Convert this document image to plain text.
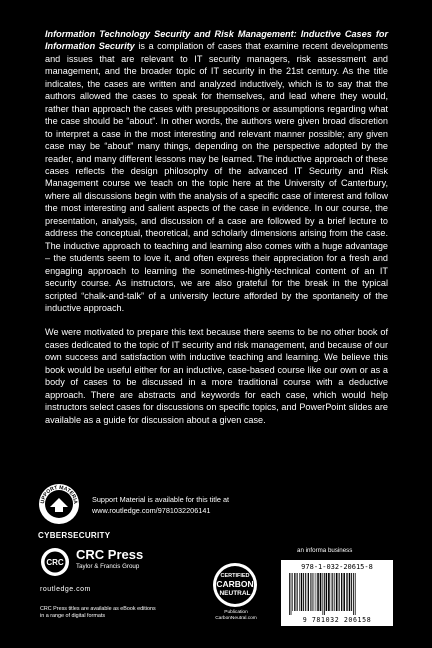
Information Technology Security and Risk Management: Inductive Cases for Information Security is a compilation of cases that examine recent developments and issues that are relevant to IT security managers, risk assessment and management, and the broader topic of IT security in the 21st century. As the title indicates, the cases are written and analyzed inductively, which is to say that the authors allowed the cases to speak for themselves, and lead where they would, rather than approach the cases with presuppositions or assumptions regarding what the case should be “about”. In other words, the authors were given broad discretion to interpret a case in the most interesting and relevant manner possible; any given case may be “about” many things, depending on the perspective adopted by the reader, and many different lessons may be learned. The inductive approach of these cases reflects the design philosophy of the advanced IT Security and Risk Management course we teach on the topic here at the University of Canterbury, where all discussions begin with the analysis of a specific case of interest and follow the most interesting and salient aspects of the case in evidence. In our course, the presentation, analysis, and discussion of a case are followed by a brief lecture to address the conceptual, theoretical, and scholarly dimensions arising from the case. The inductive approach to teaching and learning also comes with a huge advantage – the students seem to love it, and often express their appreciation for a fresh and engaging approach to learning the sometimes-highly-technical content of an IT security course. As instructors, we are also grateful for the break in the typical scripted “chalk-and-talk” of a university lecture afforded by the spontaneity of the inductive approach.

We were motivated to prepare this text because there seems to be no other book of cases dedicated to the topic of IT security and risk management, and because of our own success and satisfaction with inductive teaching and learning. We believe this book would be useful either for an inductive, case-based course like our own or as a body of cases to be discussed in a more traditional course with a deductive approach. There are abstracts and keywords for each case, which would help instructors select cases for discussions on specific topics, and PowerPoint slides are available as a guide for discussion about a given case.

UPPORT MATERIA Support Material is available for this title at
www.routledge.com/9781032206141
CYBERSECURITY
CRC
CRC Press
Taylor & Francis Group
routledge.com
CRC Press titles are available as eBook editions in a range of digital formats
CERTIFIED
CARBON
NEUTRAL
Publication
CarbonNeutral.com
an informa business
978-1-032-20615-8
9 781032 206158
